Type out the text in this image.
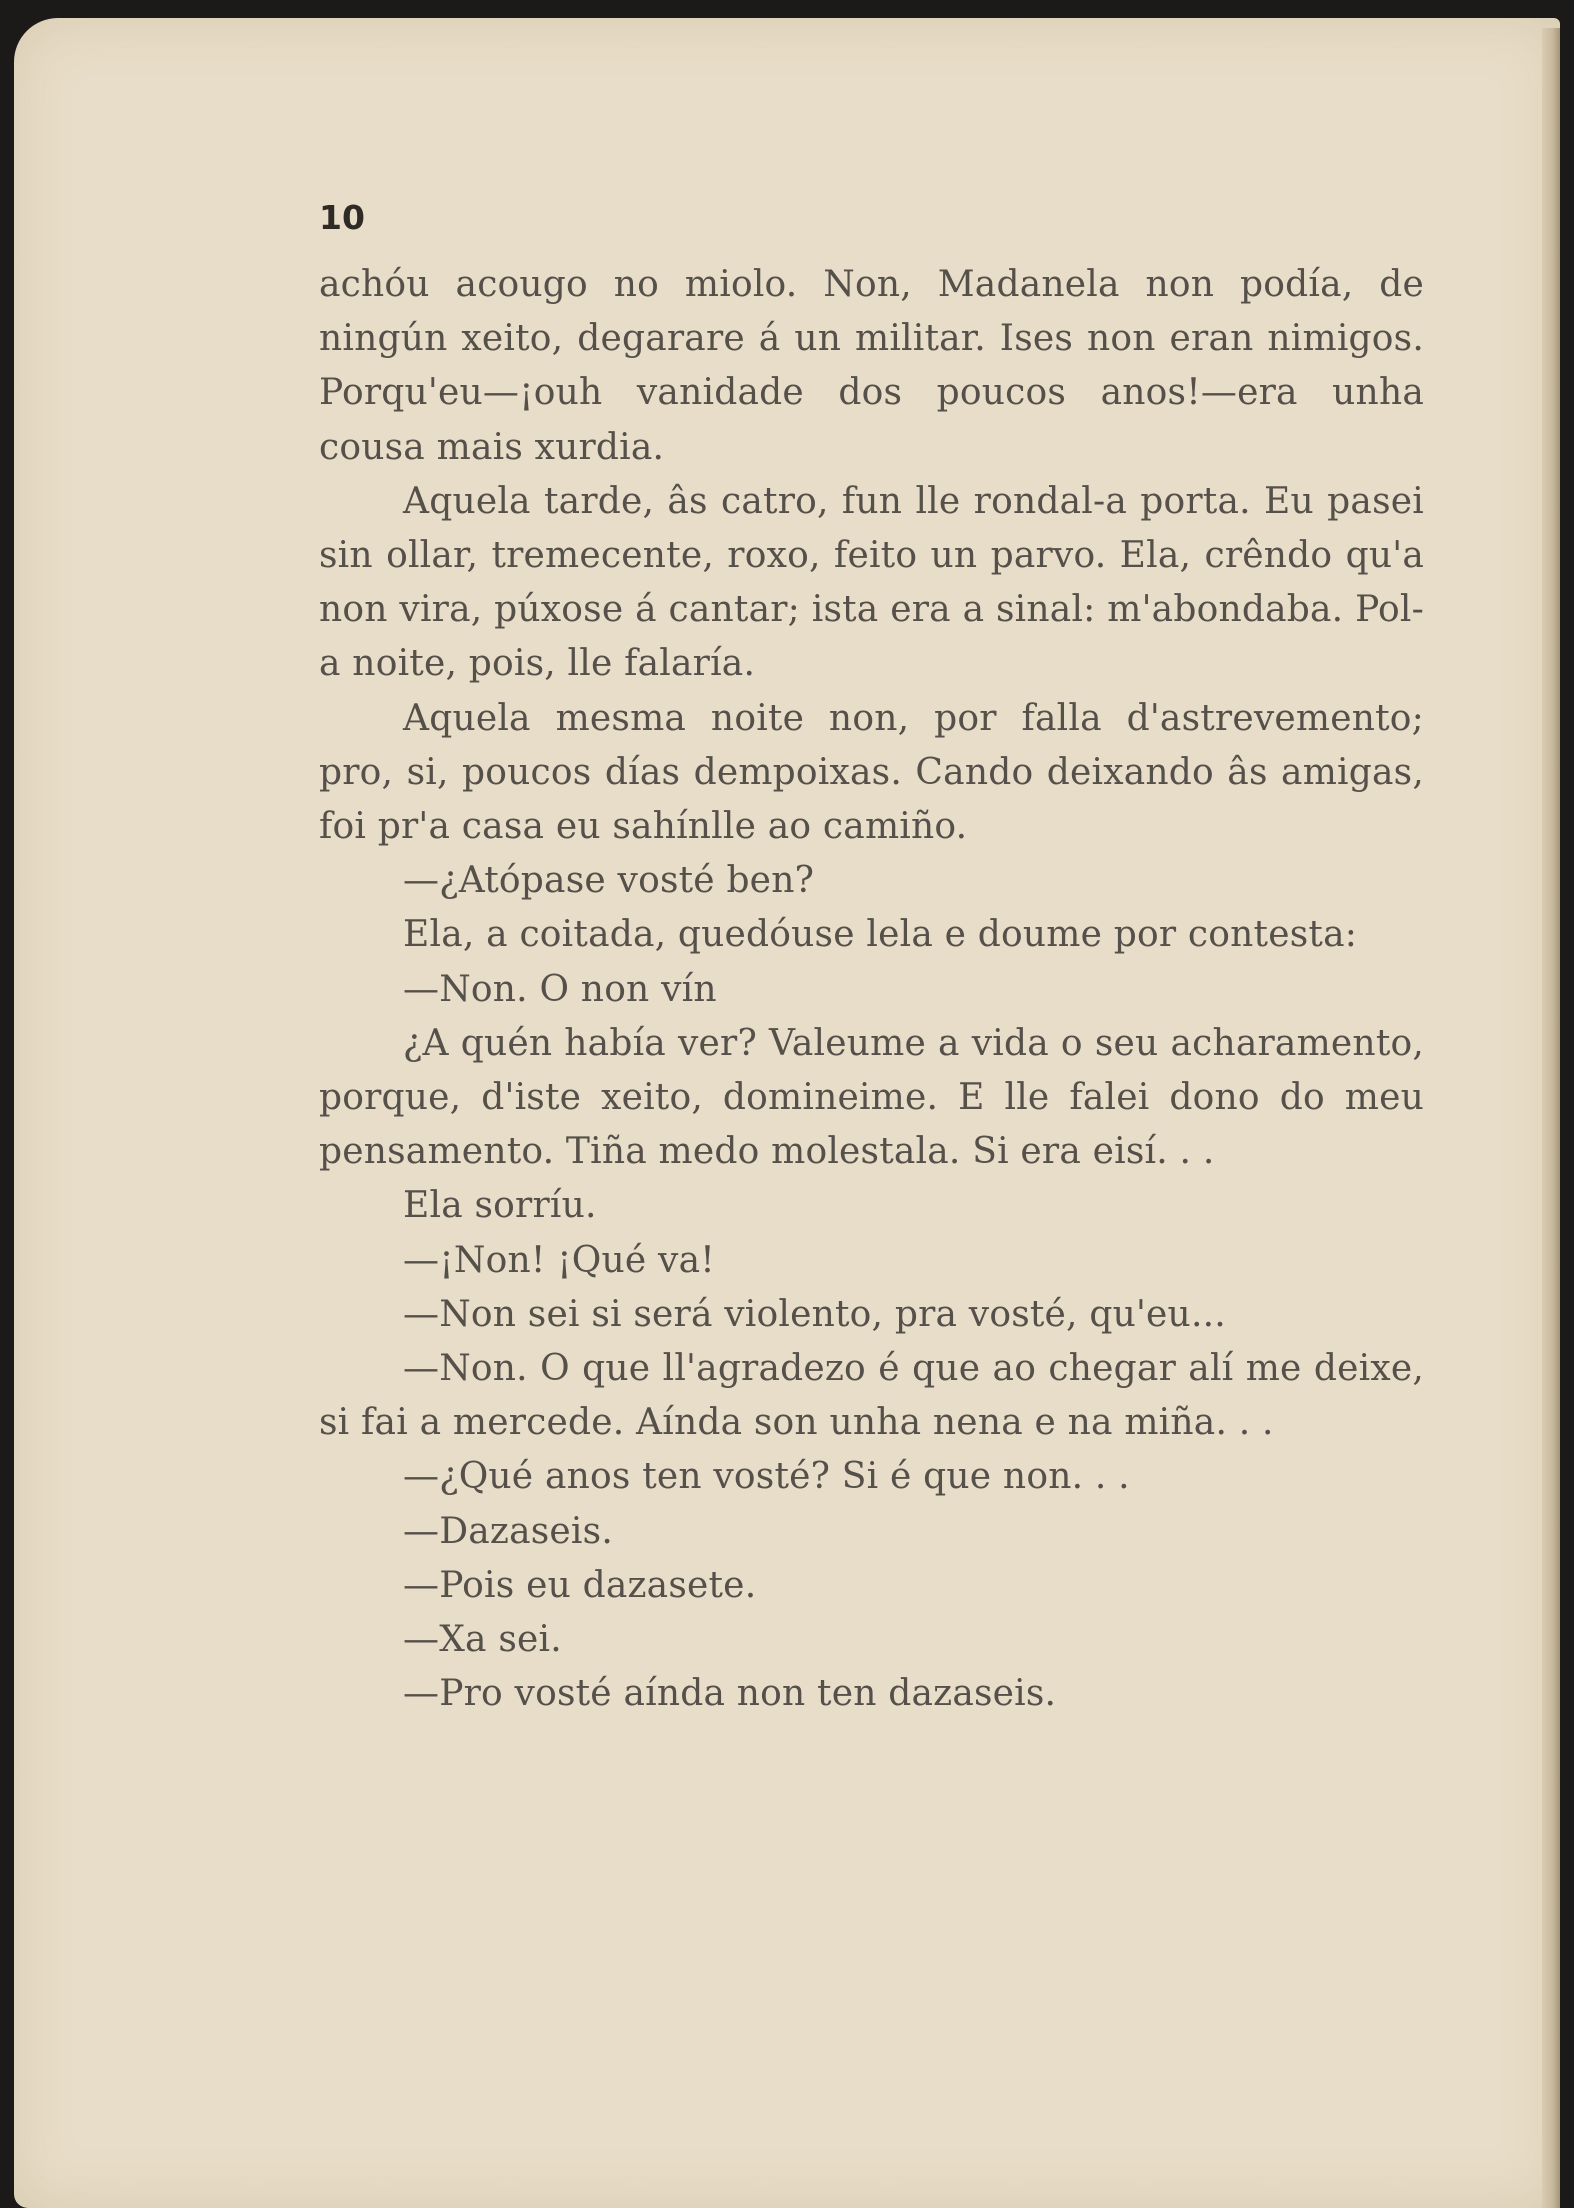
10

achóu acougo no miolo. Non, Madanela non podía, de ningún xeito, degarare á un militar. Ises non eran nimigos. Porqu'eu—¡ouh vanidade dos poucos anos!—era unha cousa mais xurdia.

Aquela tarde, âs catro, fun lle rondal-a porta. Eu pasei sin ollar, tremecente, roxo, feito un parvo. Ela, crêndo qu'a non vira, púxose á cantar; ista era a sinal: m'abondaba. Pol-a noite, pois, lle falaría.

Aquela mesma noite non, por falla d'astrevemento; pro, si, poucos días dempoixas. Cando deixando âs amigas, foi pr'a casa eu sahínlle ao camiño.

—¿Atópase vosté ben?

Ela, a coitada, quedóuse lela e doume por contesta:

—Non. O non vín

¿A quén había ver? Valeume a vida o seu acharamento, porque, d'iste xeito, domineime. E lle falei dono do meu pensamento. Tiña medo molestala. Si era eisí. . .

Ela sorríu.

—¡Non! ¡Qué va!

—Non sei si será violento, pra vosté, qu'eu...

—Non. O que ll'agradezo é que ao chegar alí me deixe, si fai a mercede. Aínda son unha nena e na miña. . .

—¿Qué anos ten vosté? Si é que non. . .

—Dazaseis.

—Pois eu dazasete.

—Xa sei.

—Pro vosté aínda non ten dazaseis.
